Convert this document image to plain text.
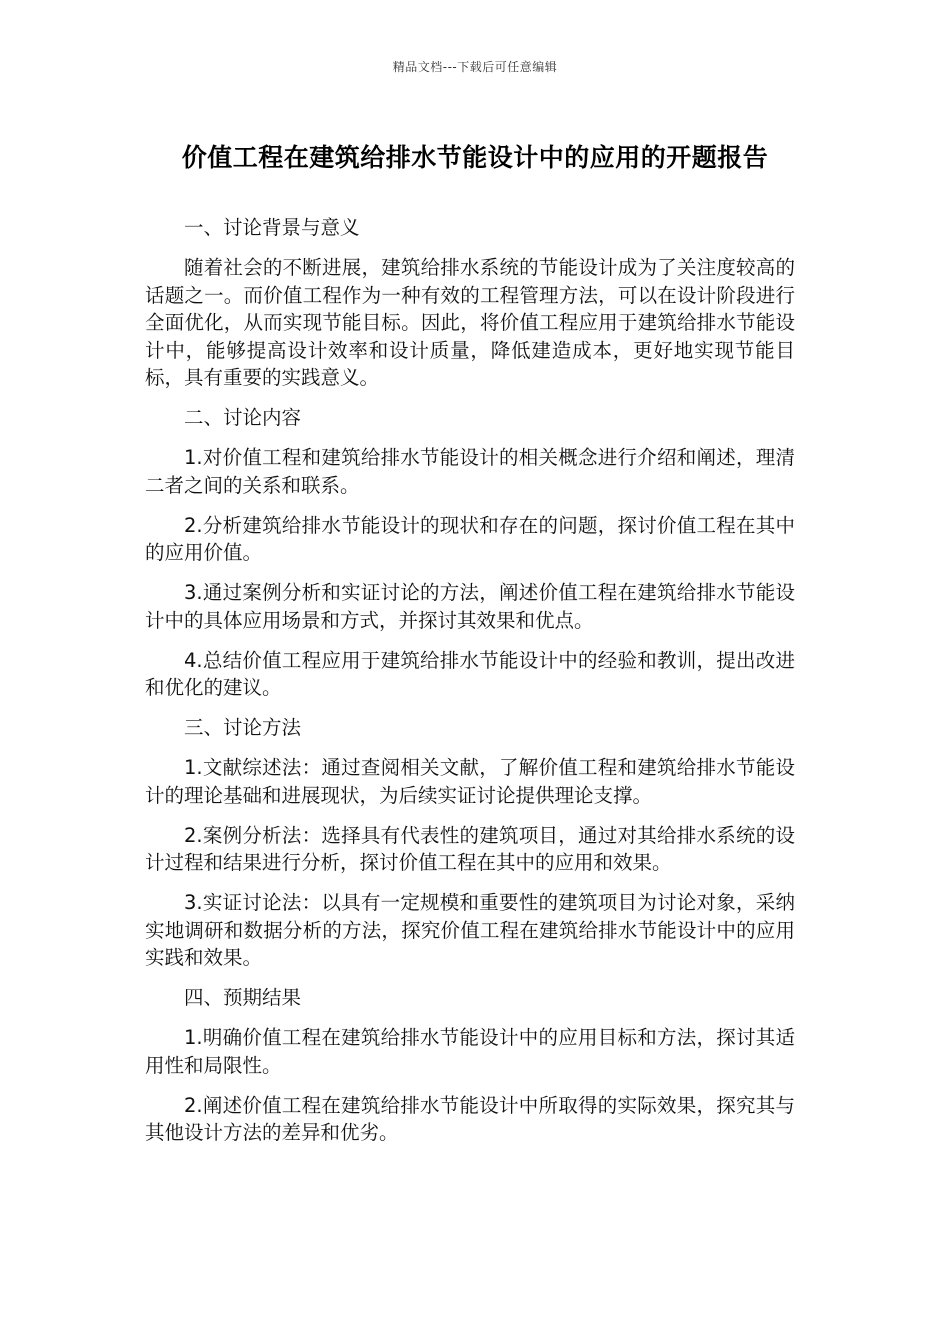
精品文档---下载后可任意编辑
价值工程在建筑给排水节能设计中的应用的开题报告
一、讨论背景与意义

随着社会的不断进展，建筑给排水系统的节能设计成为了关注度较高的话题之一。而价值工程作为一种有效的工程管理方法，可以在设计阶段进行全面优化，从而实现节能目标。因此，将价值工程应用于建筑给排水节能设计中，能够提高设计效率和设计质量，降低建造成本，更好地实现节能目标，具有重要的实践意义。

二、讨论内容

1.对价值工程和建筑给排水节能设计的相关概念进行介绍和阐述，理清二者之间的关系和联系。

2.分析建筑给排水节能设计的现状和存在的问题，探讨价值工程在其中的应用价值。

3.通过案例分析和实证讨论的方法，阐述价值工程在建筑给排水节能设计中的具体应用场景和方式，并探讨其效果和优点。

4.总结价值工程应用于建筑给排水节能设计中的经验和教训，提出改进和优化的建议。

三、讨论方法

1.文献综述法：通过查阅相关文献，了解价值工程和建筑给排水节能设计的理论基础和进展现状，为后续实证讨论提供理论支撑。

2.案例分析法：选择具有代表性的建筑项目，通过对其给排水系统的设计过程和结果进行分析，探讨价值工程在其中的应用和效果。

3.实证讨论法：以具有一定规模和重要性的建筑项目为讨论对象，采纳实地调研和数据分析的方法，探究价值工程在建筑给排水节能设计中的应用实践和效果。

四、预期结果

1.明确价值工程在建筑给排水节能设计中的应用目标和方法，探讨其适用性和局限性。

2.阐述价值工程在建筑给排水节能设计中所取得的实际效果，探究其与其他设计方法的差异和优劣。
